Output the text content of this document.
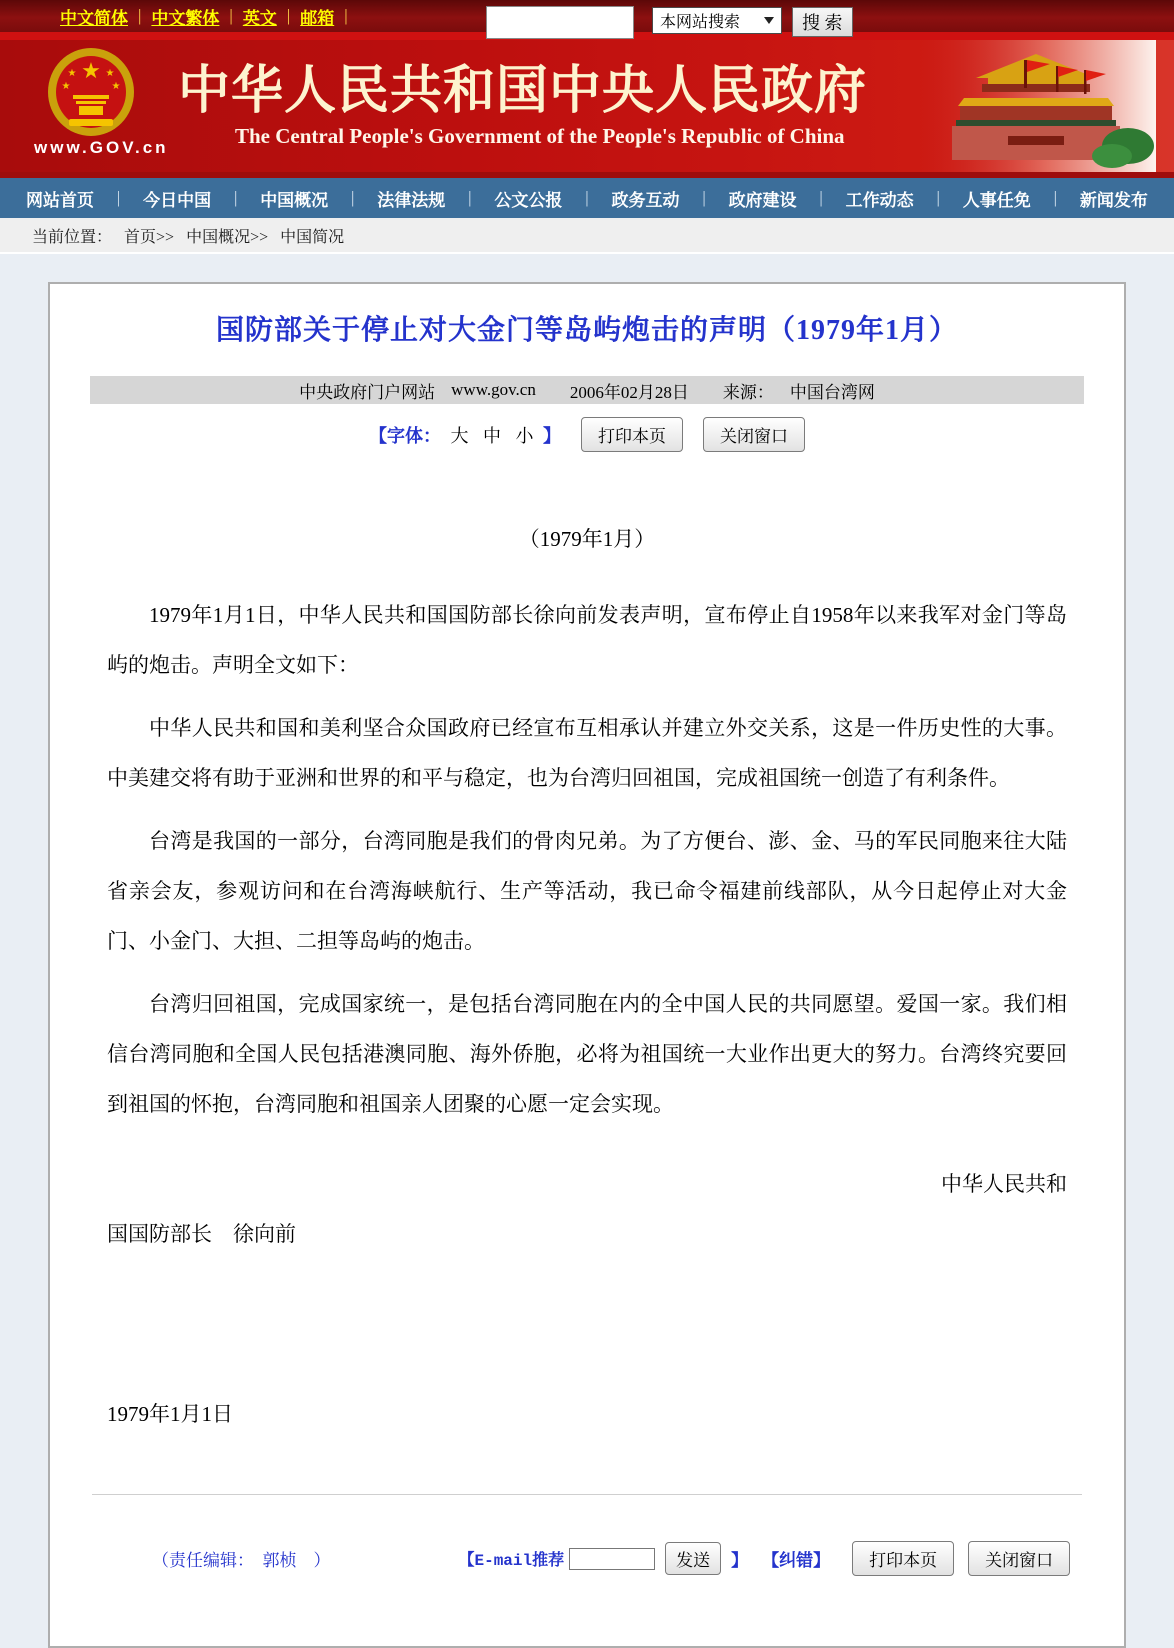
中文简体 | 中文繁体 | 英文 | 邮箱 |	本网站搜索	搜 索
★
★	★
★	★
www.GOV.cn
中华人民共和国中央人民政府
The Central People's Government of the People's Republic of China
网站首页 | 今日中国 | 中国概况 | 法律法规 | 公文公报 | 政务互动 | 政府建设 | 工作动态 | 人事任免 | 新闻发布
当前位置： 首页>> 中国概况>> 中国简况
国防部关于停止对大金门等岛屿炮击的声明（1979年1月）
中央政府门户网站 www.gov.cn 2006年02月28日 来源： 中国台湾网
【字体： 大 中 小 】	打印本页	关闭窗口
（1979年1月）

1979年1月1日，中华人民共和国国防部长徐向前发表声明，宣布停止自1958年以来我军对金门等岛屿的炮击。声明全文如下：

中华人民共和国和美利坚合众国政府已经宣布互相承认并建立外交关系，这是一件历史性的大事。中美建交将有助于亚洲和世界的和平与稳定，也为台湾归回祖国，完成祖国统一创造了有利条件。

台湾是我国的一部分，台湾同胞是我们的骨肉兄弟。为了方便台、澎、金、马的军民同胞来往大陆省亲会友，参观访问和在台湾海峡航行、生产等活动，我已命令福建前线部队，从今日起停止对大金门、小金门、大担、二担等岛屿的炮击。

台湾归回祖国，完成国家统一，是包括台湾同胞在内的全中国人民的共同愿望。爱国一家。我们相信台湾同胞和全国人民包括港澳同胞、海外侨胞，必将为祖国统一大业作出更大的努力。台湾终究要回到祖国的怀抱，台湾同胞和祖国亲人团聚的心愿一定会实现。

中华人民共和
国国防部长　徐向前
1979年1月1日
（责任编辑：　郭桢　）	【E-mail推荐	发送	】 【纠错】	打印本页	关闭窗口
